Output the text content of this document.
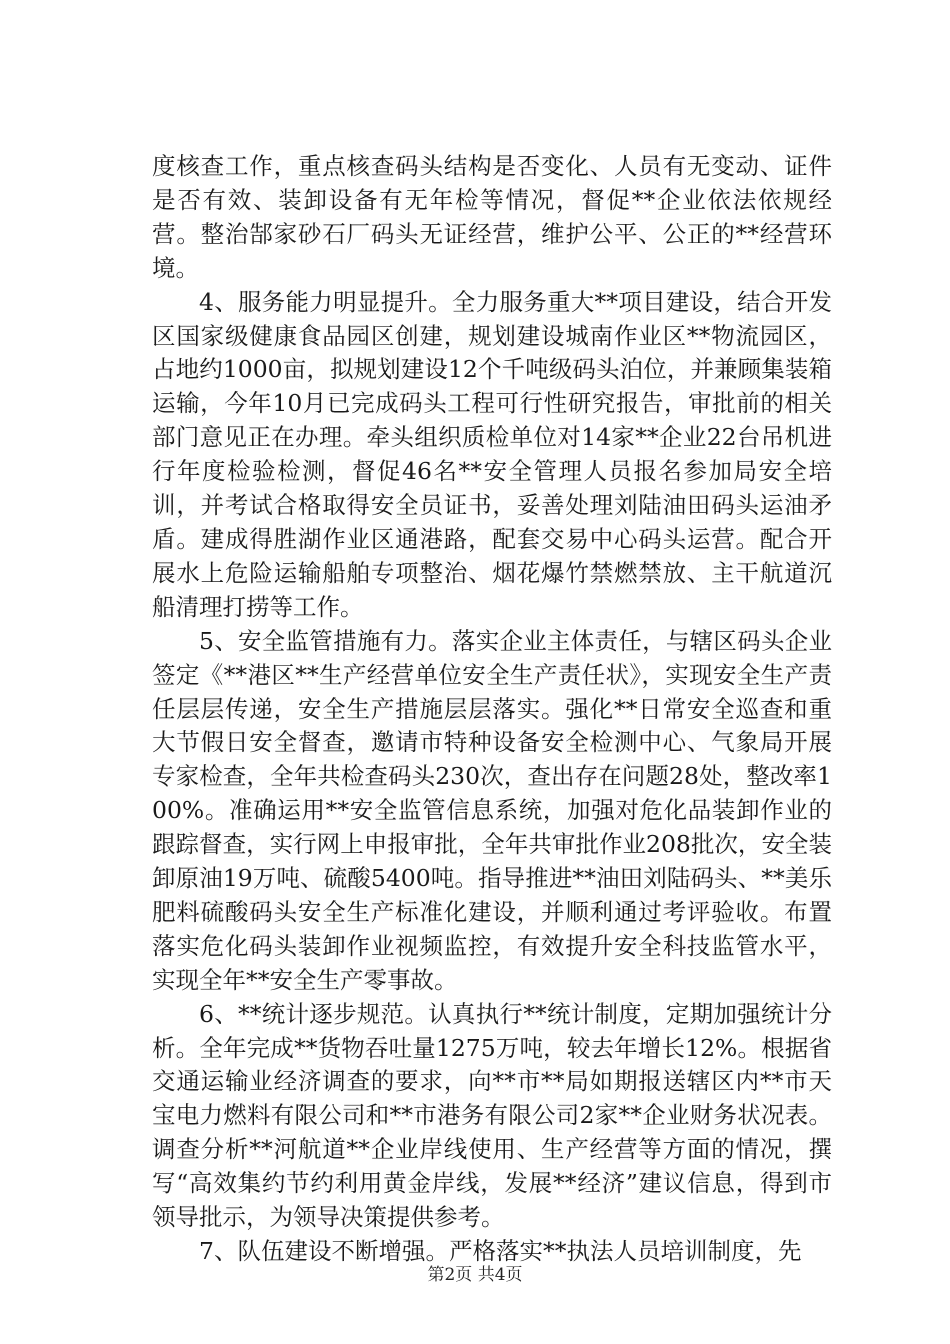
度核查工作，重点核查码头结构是否变化、人员有无变动、证件是否有效、装卸设备有无年检等情况，督促**企业依法依规经营。整治郜家砂石厂码头无证经营，维护公平、公正的**经营环境。

4、服务能力明显提升。全力服务重大**项目建设，结合开发区国家级健康食品园区创建，规划建设城南作业区**物流园区，占地约1000亩，拟规划建设12个千吨级码头泊位，并兼顾集装箱运输，今年10月已完成码头工程可行性研究报告，审批前的相关部门意见正在办理。牵头组织质检单位对14家**企业22台吊机进行年度检验检测，督促46名**安全管理人员报名参加局安全培训，并考试合格取得安全员证书，妥善处理刘陆油田码头运油矛盾。建成得胜湖作业区通港路，配套交易中心码头运营。配合开展水上危险运输船舶专项整治、烟花爆竹禁燃禁放、主干航道沉船清理打捞等工作。

5、安全监管措施有力。落实企业主体责任，与辖区码头企业签定《**港区**生产经营单位安全生产责任状》，实现安全生产责任层层传递，安全生产措施层层落实。强化**日常安全巡查和重大节假日安全督查，邀请市特种设备安全检测中心、气象局开展专家检查，全年共检查码头230次，查出存在问题28处，整改率100%。准确运用**安全监管信息系统，加强对危化品装卸作业的跟踪督查，实行网上申报审批，全年共审批作业208批次，安全装卸原油19万吨、硫酸5400吨。指导推进**油田刘陆码头、**美乐肥料硫酸码头安全生产标准化建设，并顺利通过考评验收。布置落实危化码头装卸作业视频监控，有效提升安全科技监管水平，实现全年**安全生产零事故。

6、**统计逐步规范。认真执行**统计制度，定期加强统计分析。全年完成**货物吞吐量1275万吨，较去年增长12%。根据省交通运输业经济调查的要求，向**市**局如期报送辖区内**市天宝电力燃料有限公司和**市港务有限公司2家**企业财务状况表。调查分析**河航道**企业岸线使用、生产经营等方面的情况，撰写“高效集约节约利用黄金岸线，发展**经济”建议信息，得到市领导批示，为领导决策提供参考。

7、队伍建设不断增强。严格落实**执法人员培训制度，先

第2页 共4页
